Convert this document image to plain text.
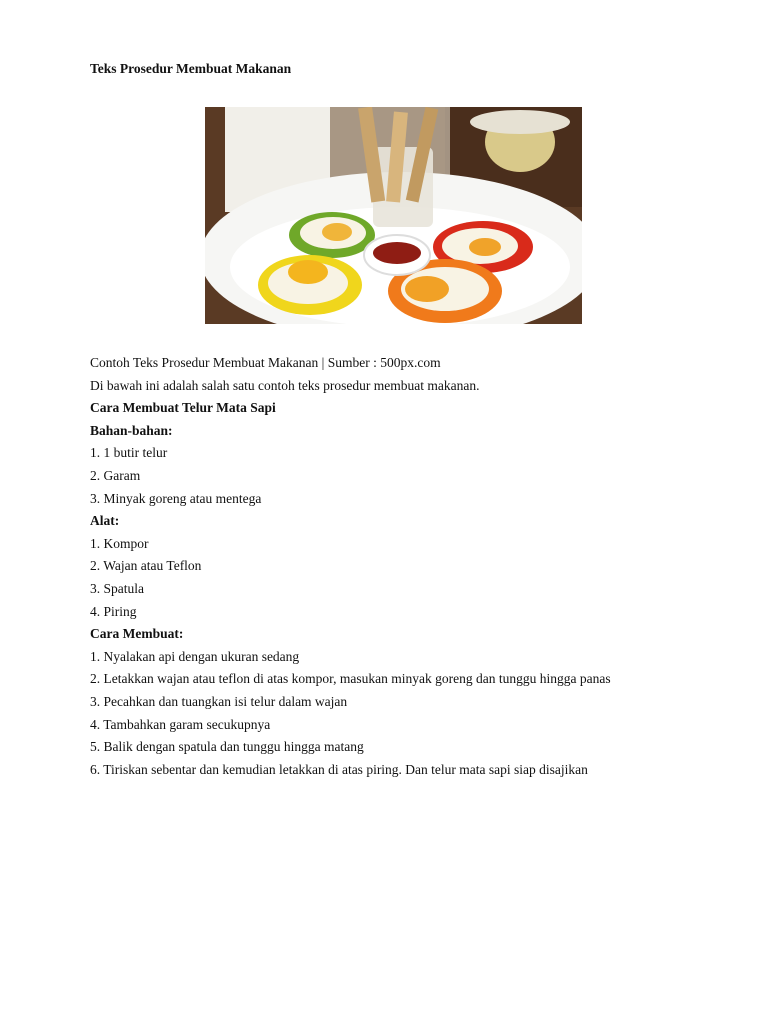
Teks Prosedur Membuat Makanan
Contoh Teks Prosedur Membuat Makanan | Sumber : 500px.com
Di bawah ini adalah salah satu contoh teks prosedur membuat makanan.
Cara Membuat Telur Mata Sapi
Bahan-bahan:
1. 1 butir telur
2. Garam
3. Minyak goreng atau mentega
Alat:
1. Kompor
2. Wajan atau Teflon
3. Spatula
4. Piring
Cara Membuat:
1. Nyalakan api dengan ukuran sedang
2. Letakkan wajan atau teflon di atas kompor, masukan minyak goreng dan tunggu hingga panas
3. Pecahkan dan tuangkan isi telur dalam wajan
4. Tambahkan garam secukupnya
5. Balik dengan spatula dan tunggu hingga matang
6. Tiriskan sebentar dan kemudian letakkan di atas piring. Dan telur mata sapi siap disajikan
